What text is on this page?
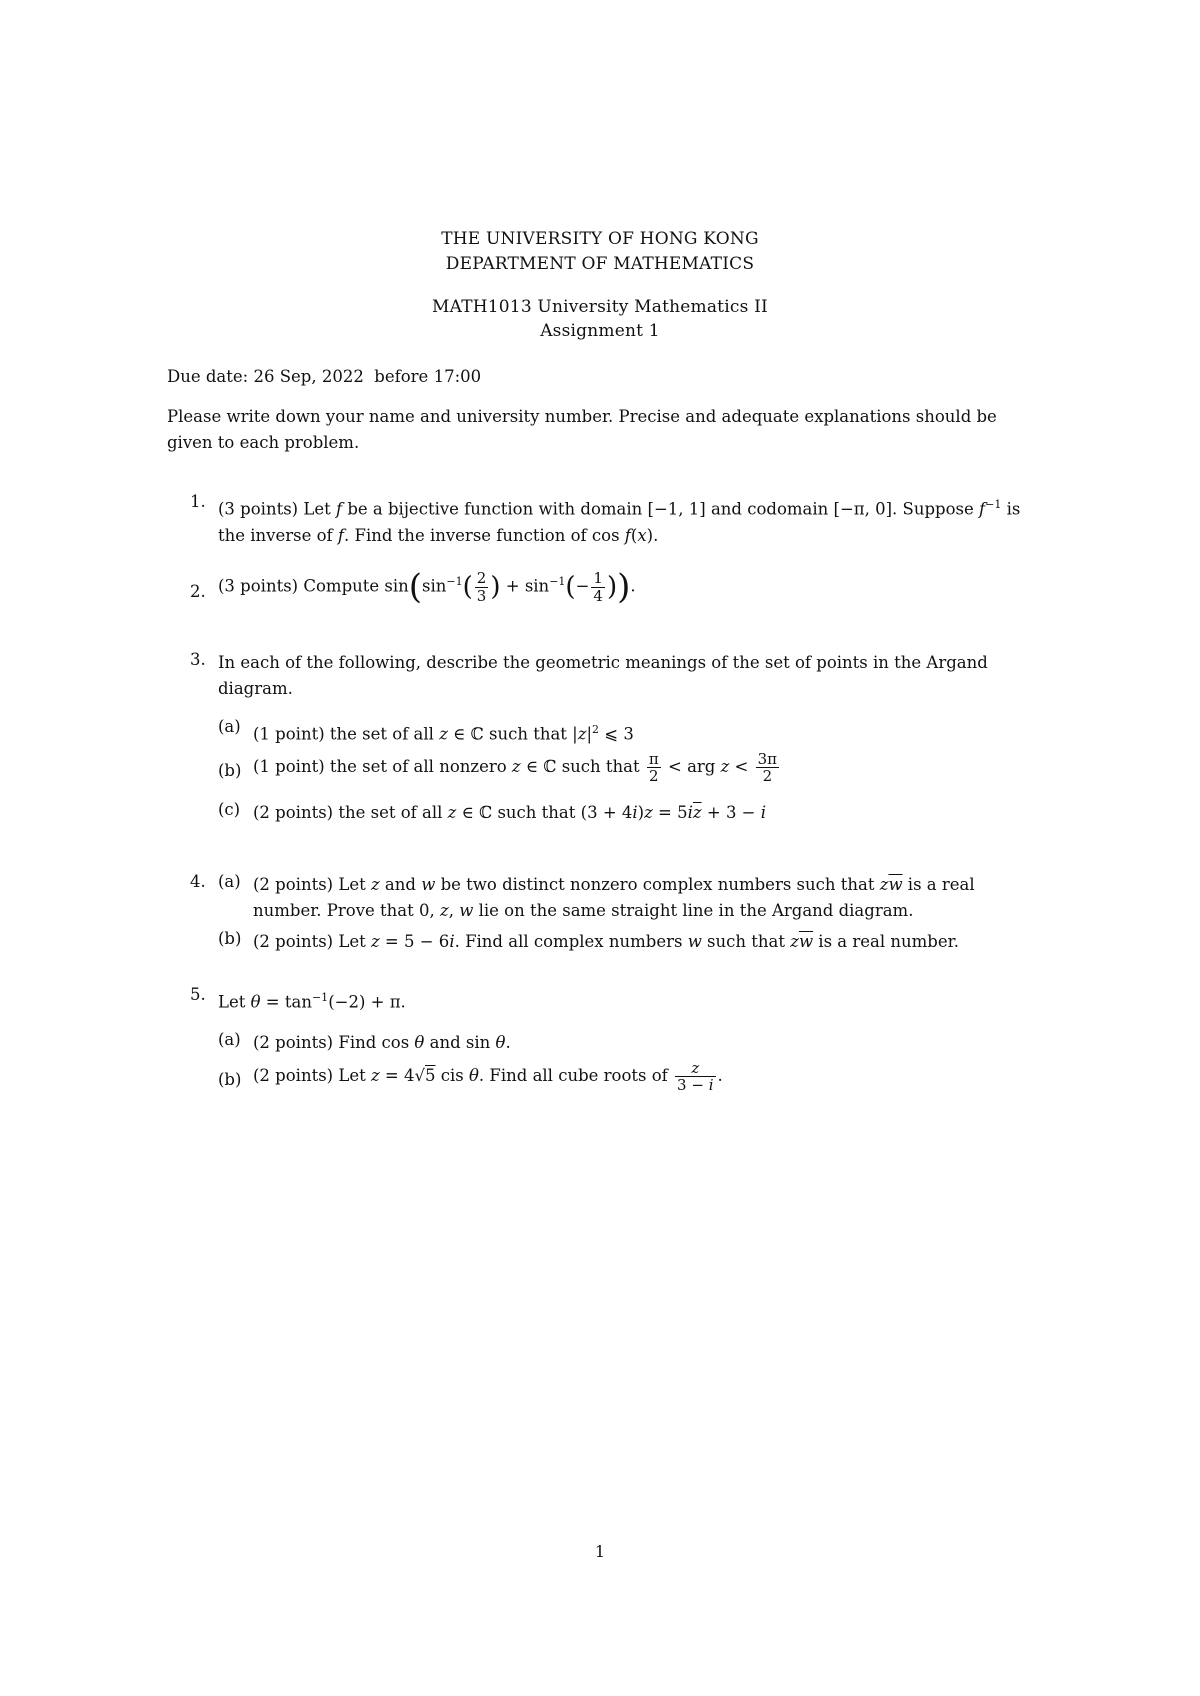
THE UNIVERSITY OF HONG KONG
DEPARTMENT OF MATHEMATICS
MATH1013 University Mathematics II
Assignment 1
Due date: 26 Sep, 2022  before 17:00
Please write down your name and university number. Precise and adequate explanations should be given to each problem.
1. (3 points) Let f be a bijective function with domain [−1, 1] and codomain [−π, 0]. Suppose $f^{-1}$ is the inverse of f. Find the inverse function of cos f(x).
2. (3 points) Compute $\sin(\sin^{-1}( \frac{2}{3}$ ) + $\sin^{-1}(- \frac{1}{4}$ )).
3. In each of the following, describe the geometric meanings of the set of points in the Argand diagram.
(a) (1 point) the set of all z ∈ ℂ such that $|z|^2$ ⩽ 3
(b) (1 point) the set of all nonzero z ∈ ℂ such that $\frac{\pi}{2}$ < arg $z < \frac{3\pi}{2}$
(c) (2 points) the set of all z ∈ ℂ such that $(3 + 4i)z = 5i\overline{z} + 3 - i$
4. (a) (2 points) Let z and w be two distinct nonzero complex numbers such that $z\overline{w}$ is a real number. Prove that 0, z, w lie on the same straight line in the Argand diagram.
(b) (2 points) Let z = 5 − 6i. Find all complex numbers w such that $z\overline{w}$ is a real number.
5. Let $\theta = \tan^{-1}(-2) + \pi$.
(a) (2 points) Find cos θ and sin θ.
(b) (2 points) Let z = 4√5 cis θ. Find all cube roots of $\frac{z}{3 - i}$ .
1
